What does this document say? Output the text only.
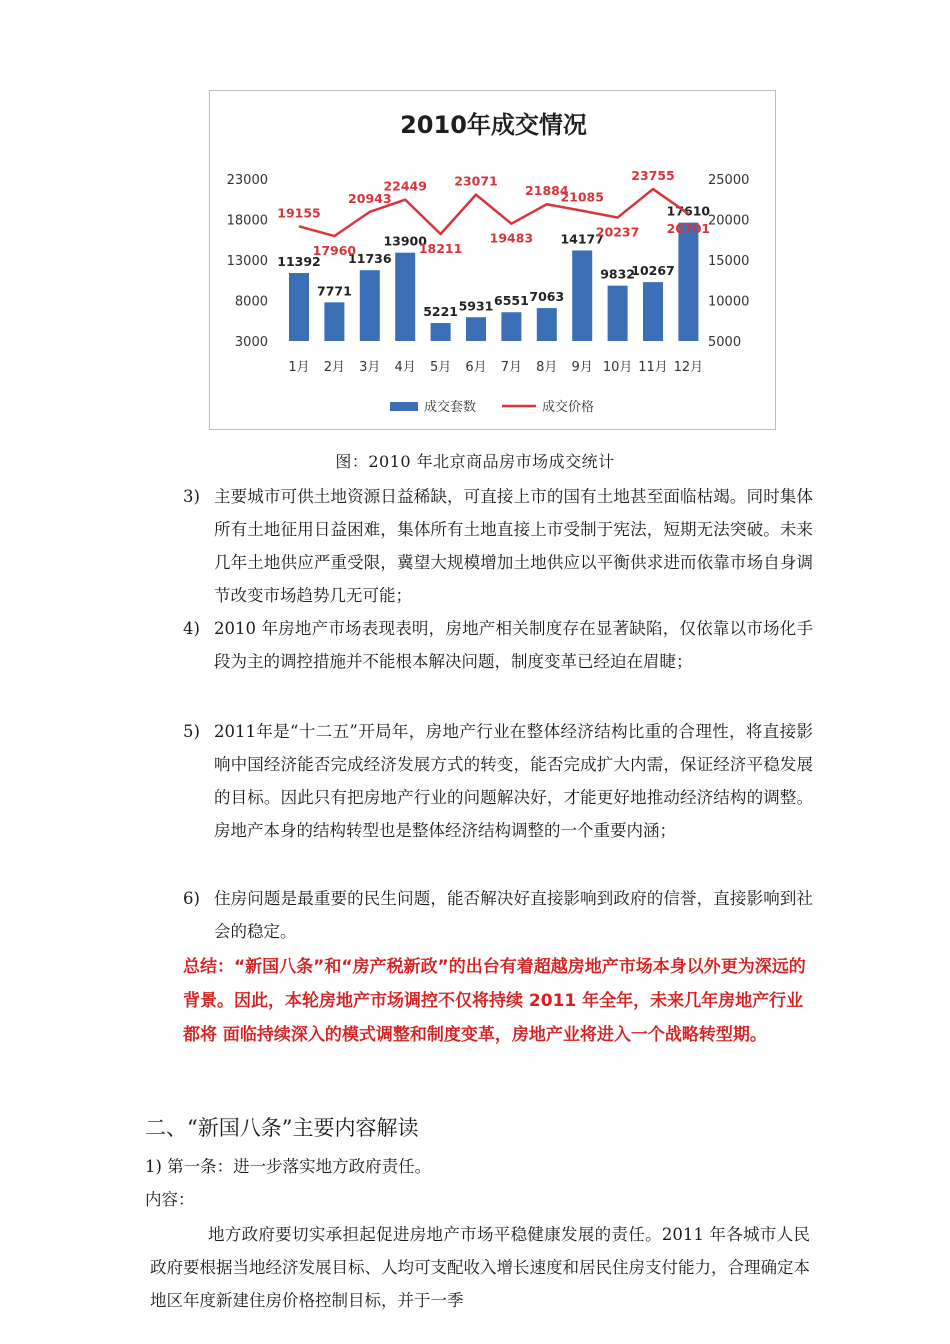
2010年成交情况
3000
8000
13000
18000
23000
5000
10000
15000
20000
25000
11392
7771
11736
13900
5221 5931 6551 7063
14177
9832
10267
17610
19155
17960
20943
22449
18211
23071
19483
21884
21085
20237
23755
20701
1月 2月 3月 4月 5月 6月 7月 8月 9月 10月 11月 12月
成交套数	成交价格
图：2010 年北京商品房市场成交统计
3) 主要城市可供土地资源日益稀缺，可直接上市的国有土地甚至面临枯竭。同时集体 所有土地征用日益困难，集体所有土地直接上市受制于宪法，短期无法突破。未来几年土地供应严重受限，冀望大规模增加土地供应以平衡供求进而依靠市场自身调节改变市场趋势几无可能；
4) 2010 年房地产市场表现表明，房地产相关制度存在显著缺陷，仅依靠以市场化手段为主的调控措施并不能根本解决问题，制度变革已经迫在眉睫；
5) 2011年是“十二五”开局年，房地产行业在整体经济结构比重的合理性，将直接影响中国经济能否完成经济发展方式的转变，能否完成扩大内需，保证经济平稳发展的目标。因此只有把房地产行业的问题解决好，才能更好地推动经济结构的调整。房地产本身的结构转型也是整体经济结构调整的一个重要内涵；
6) 住房问题是最重要的民生问题，能否解决好直接影响到政府的信誉，直接影响到社会的稳定。
总结：“新国八条”和“房产税新政”的出台有着超越房地产市场本身以外更为深远的 背景。因此，本轮房地产市场调控不仅将持续 2011 年全年，未来几年房地产行业都将 面临持续深入的模式调整和制度变革，房地产业将进入一个战略转型期。
二、“新国八条”主要内容解读
1) 第一条：进一步落实地方政府责任。
内容：
地方政府要切实承担起促进房地产市场平稳健康发展的责任。2011 年各城市人民政府要根据当地经济发展目标、人均可支配收入增长速度和居民住房支付能力，合理确定本地区年度新建住房价格控制目标，并于一季
